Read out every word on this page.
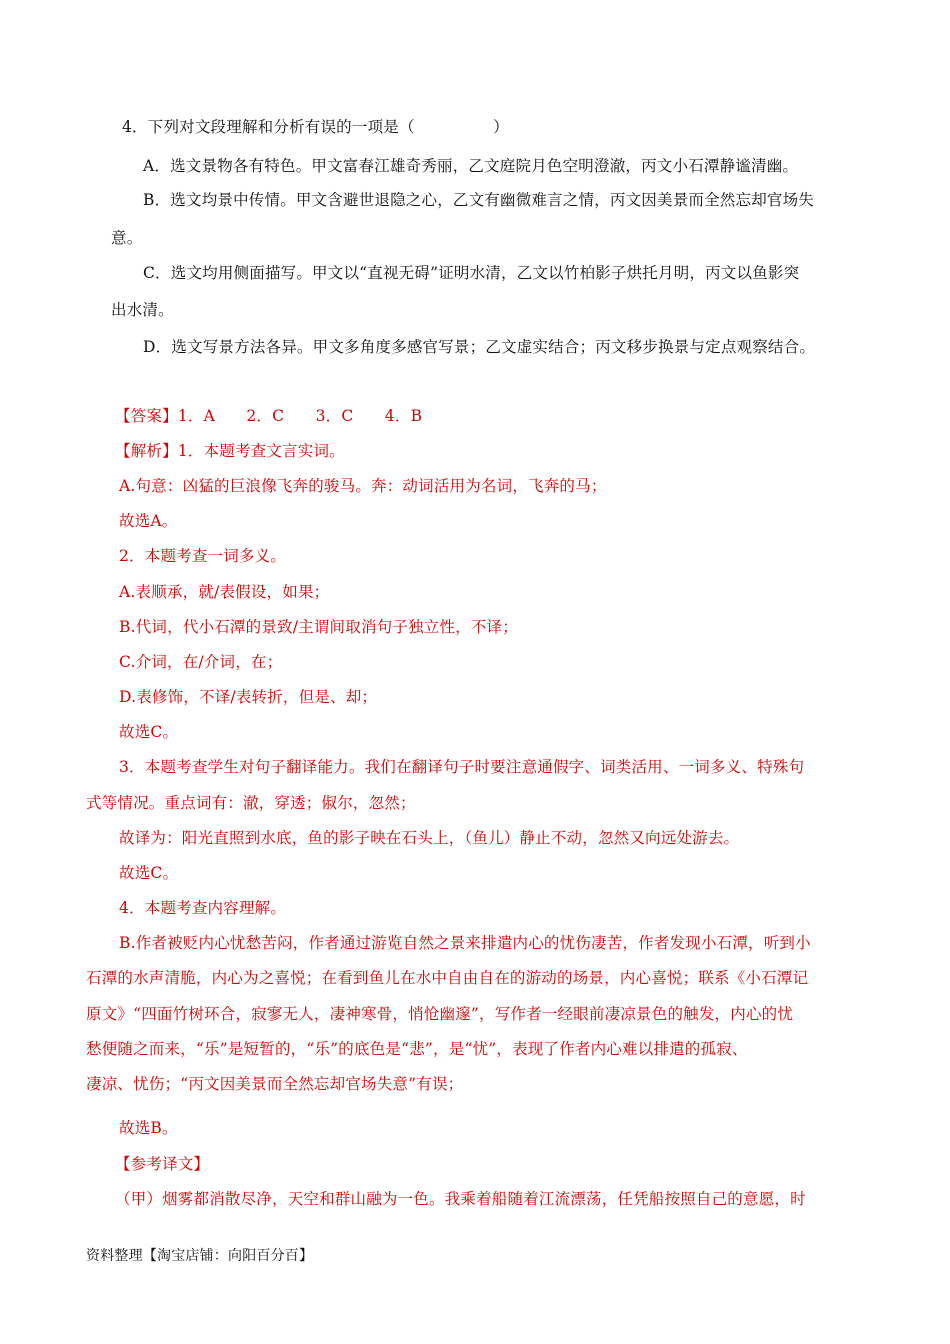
4．下列对文段理解和分析有误的一项是（　　　　　）
A．选文景物各有特色。甲文富春江雄奇秀丽，乙文庭院月色空明澄澈，丙文小石潭静谧清幽。
B．选文均景中传情。甲文含避世退隐之心，乙文有幽微难言之情，丙文因美景而全然忘却官场失
意。
C．选文均用侧面描写。甲文以“直视无碍”证明水清，乙文以竹柏影子烘托月明，丙文以鱼影突
出水清。
D．选文写景方法各异。甲文多角度多感官写景；乙文虚实结合；丙文移步换景与定点观察结合。
【答案】1．A　　2．C　　3．C　　4．B
【解析】1．本题考查文言实词。
A.句意：凶猛的巨浪像飞奔的骏马。奔：动词活用为名词，飞奔的马；
故选A。
2．本题考查一词多义。
A.表顺承，就/表假设，如果；
B.代词，代小石潭的景致/主谓间取消句子独立性，不译；
C.介词，在/介词，在；
D.表修饰，不译/表转折，但是、却；
故选C。
3．本题考查学生对句子翻译能力。我们在翻译句子时要注意通假字、词类活用、一词多义、特殊句
式等情况。重点词有：澈，穿透；俶尔，忽然；
故译为：阳光直照到水底，鱼的影子映在石头上，（鱼儿）静止不动，忽然又向远处游去。
故选C。
4．本题考查内容理解。
B.作者被贬内心忧愁苦闷，作者通过游览自然之景来排遣内心的忧伤凄苦，作者发现小石潭，听到小
石潭的水声清脆，内心为之喜悦；在看到鱼儿在水中自由自在的游动的场景，内心喜悦；联系《小石潭记
原文》“四面竹树环合，寂寥无人，凄神寒骨，悄怆幽邃”，写作者一经眼前凄凉景色的触发，内心的忧
愁便随之而来，“乐”是短暂的，“乐”的底色是“悲”，是“忧”，表现了作者内心难以排遣的孤寂、
凄凉、忧伤；“丙文因美景而全然忘却官场失意”有误；
故选B。
【参考译文】
（甲）烟雾都消散尽净，天空和群山融为一色。我乘着船随着江流漂荡，任凭船按照自己的意愿，时
资料整理【淘宝店铺：向阳百分百】
